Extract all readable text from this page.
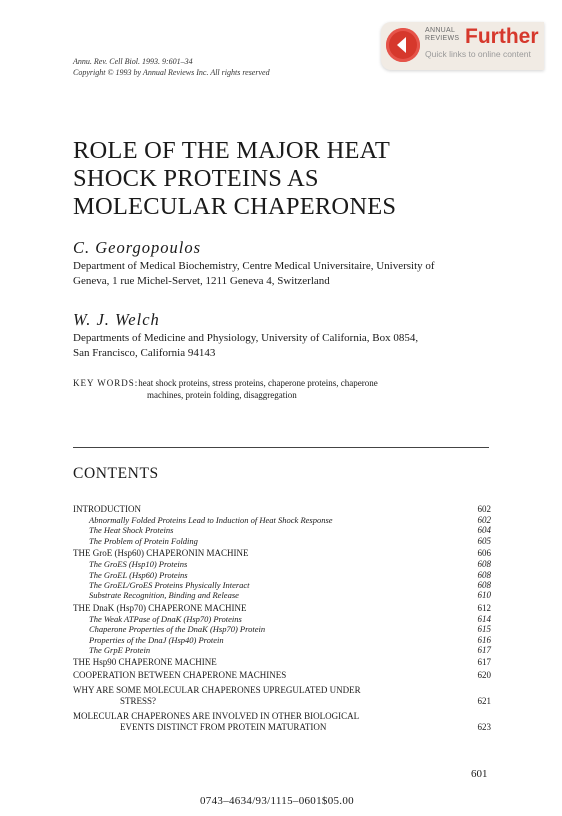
ANNUAL
REVIEWS Further
Quick links to online content
Annu. Rev. Cell Biol. 1993. 9:601–34
Copyright © 1993 by Annual Reviews Inc. All rights reserved
ROLE OF THE MAJOR HEAT
SHOCK PROTEINS AS
MOLECULAR CHAPERONES
C. Georgopoulos
Department of Medical Biochemistry, Centre Medical Universitaire, University of
Geneva, 1 rue Michel-Servet, 1211 Geneva 4, Switzerland
W. J. Welch
Departments of Medicine and Physiology, University of California, Box 0854,
San Francisco, California 94143
KEY WORDS:heat shock proteins, stress proteins, chaperone proteins, chaperone
machines, protein folding, disaggregation
CONTENTS
INTRODUCTION	602
Abnormally Folded Proteins Lead to Induction of Heat Shock Response	602
The Heat Shock Proteins	604
The Problem of Protein Folding	605
THE GroE (Hsp60) CHAPERONIN MACHINE	606
The GroES (Hsp10) Proteins	608
The GroEL (Hsp60) Proteins	608
The GroEL/GroES Proteins Physically Interact	608
Substrate Recognition, Binding and Release	610
THE DnaK (Hsp70) CHAPERONE MACHINE	612
The Weak ATPase of DnaK (Hsp70) Proteins	614
Chaperone Properties of the DnaK (Hsp70) Protein	615
Properties of the DnaJ (Hsp40) Protein	616
The GrpE Protein	617
THE Hsp90 CHAPERONE MACHINE	617
COOPERATION BETWEEN CHAPERONE MACHINES	620
WHY ARE SOME MOLECULAR CHAPERONES UPREGULATED UNDER
STRESS?	621
MOLECULAR CHAPERONES ARE INVOLVED IN OTHER BIOLOGICAL
EVENTS DISTINCT FROM PROTEIN MATURATION	623
601
0743–4634/93/1115–0601$05.00
